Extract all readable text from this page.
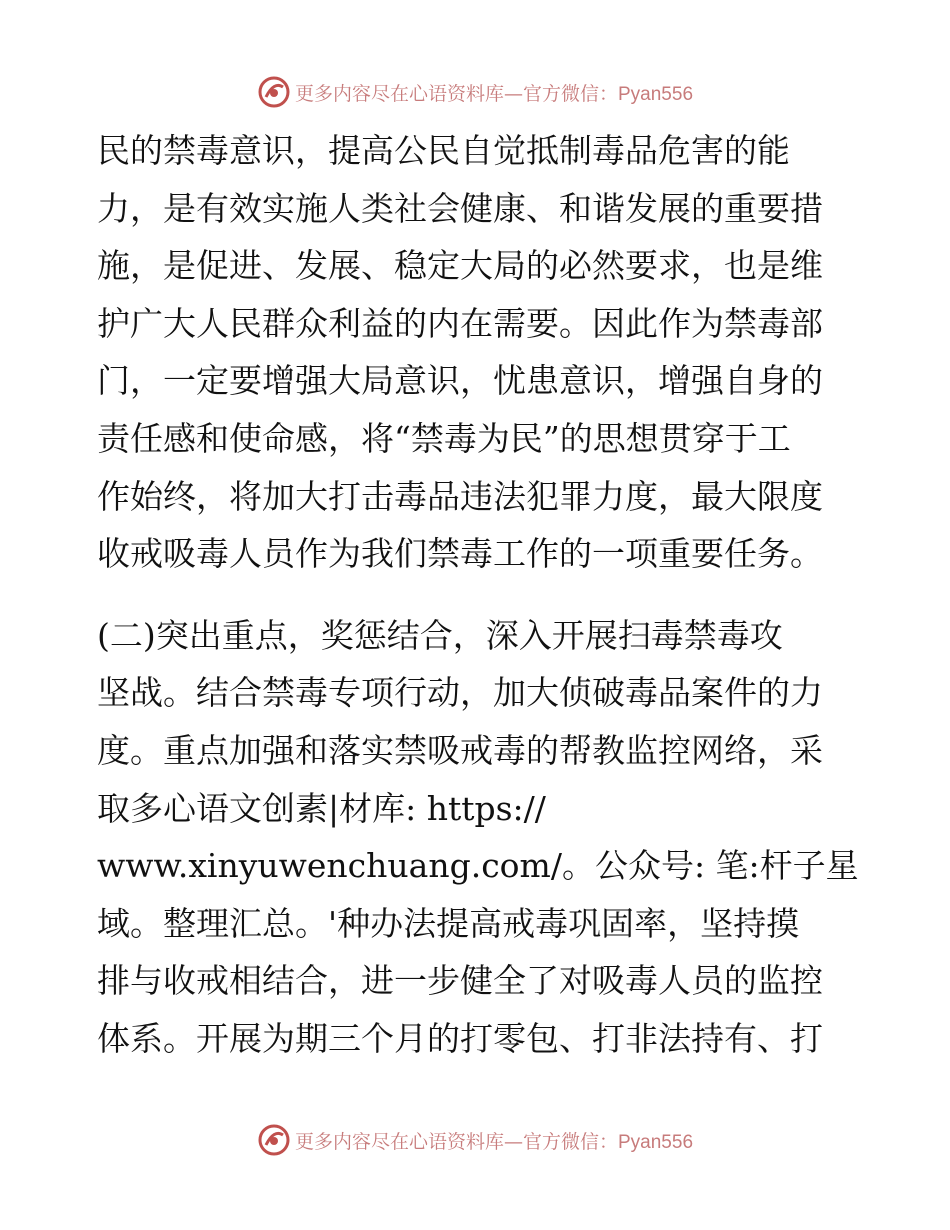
更多内容尽在心语资料库—官方微信：Pyan556
民的禁毒意识，提高公民自觉抵制毒品危害的能
力，是有效实施人类社会健康、和谐发展的重要措
施，是促进、发展、稳定大局的必然要求，也是维
护广大人民群众利益的内在需要。因此作为禁毒部
门，一定要增强大局意识，忧患意识，增强自身的
责任感和使命感，将“禁毒为民”的思想贯穿于工
作始终，将加大打击毒品违法犯罪力度，最大限度
收戒吸毒人员作为我们禁毒工作的一项重要任务。
(二)突出重点，奖惩结合，深入开展扫毒禁毒攻
坚战。结合禁毒专项行动，加大侦破毒品案件的力
度。重点加强和落实禁吸戒毒的帮教监控网络，采
取多心语文创素|材库: https://
www.xinyuwenchuang.com/。公众号: 笔:杆子星
域。整理汇总。'种办法提高戒毒巩固率，坚持摸
排与收戒相结合，进一步健全了对吸毒人员的监控
体系。开展为期三个月的打零包、打非法持有、打
更多内容尽在心语资料库—官方微信：Pyan556
